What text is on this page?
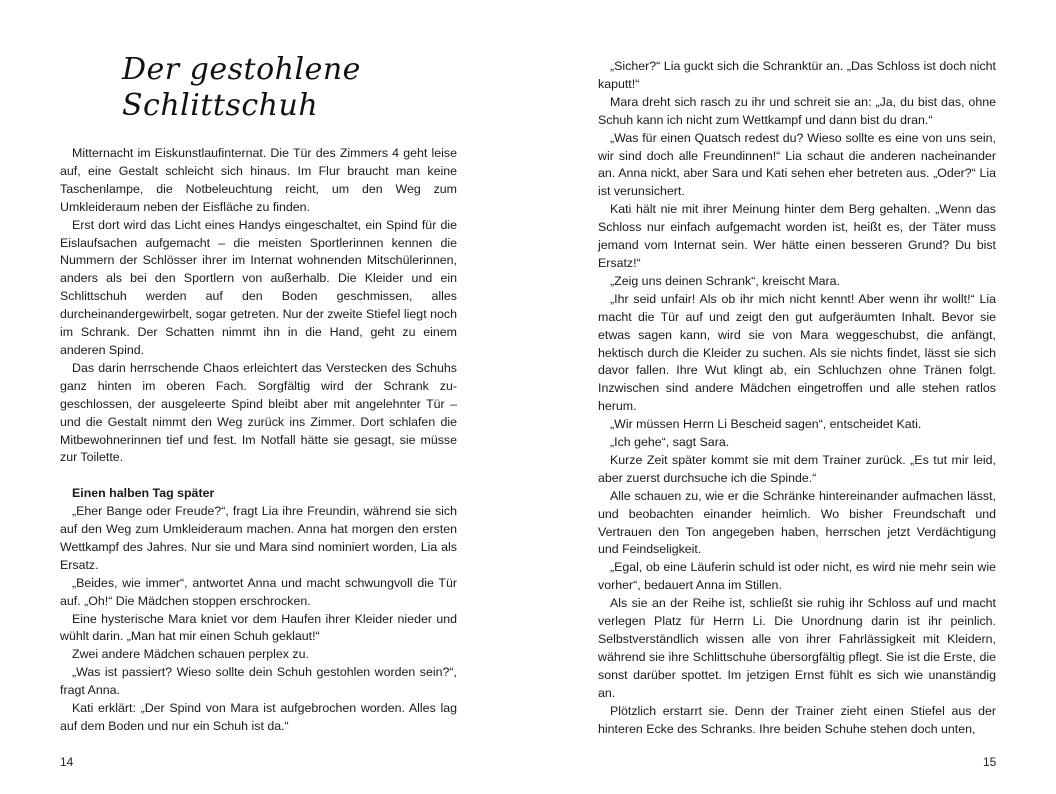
Der gestohlene Schlittschuh

Mitternacht im Eiskunstlaufinternat. Die Tür des Zimmers 4 geht leise auf, eine Gestalt schleicht sich hinaus. Im Flur braucht man keine Taschenlampe, die Notbeleuchtung reicht, um den Weg zum Umkleideraum neben der Eisfläche zu finden.

Erst dort wird das Licht eines Handys eingeschaltet, ein Spind für die Eislaufsachen aufgemacht – die meisten Sportlerinnen kennen die Nummern der Schlösser ihrer im Internat wohnenden Mitschülerinnen, anders als bei den Sportlern von außerhalb. Die Kleider und ein Schlittschuh werden auf den Boden geschmissen, alles durcheinandergewirbelt, sogar getreten. Nur der zweite Stiefel liegt noch im Schrank. Der Schatten nimmt ihn in die Hand, geht zu einem anderen Spind.

Das darin herrschende Chaos erleichtert das Verstecken des Schuhs ganz hinten im oberen Fach. Sorgfältig wird der Schrank zugeschlossen, der ausgeleerte Spind bleibt aber mit angelehnter Tür – und die Gestalt nimmt den Weg zurück ins Zimmer. Dort schlafen die Mitbewohnerinnen tief und fest. Im Notfall hätte sie gesagt, sie müsse zur Toilette.

Einen halben Tag später

„Eher Bange oder Freude?“, fragt Lia ihre Freundin, während sie sich auf den Weg zum Umkleideraum machen. Anna hat morgen den ersten Wettkampf des Jahres. Nur sie und Mara sind nominiert worden, Lia als Ersatz.

„Beides, wie immer“, antwortet Anna und macht schwungvoll die Tür auf. „Oh!“ Die Mädchen stoppen erschrocken.

Eine hysterische Mara kniet vor dem Haufen ihrer Kleider nieder und wühlt darin. „Man hat mir einen Schuh geklaut!“

Zwei andere Mädchen schauen perplex zu.

„Was ist passiert? Wieso sollte dein Schuh gestohlen worden sein?“, fragt Anna.

Kati erklärt: „Der Spind von Mara ist aufgebrochen worden. Alles lag auf dem Boden und nur ein Schuh ist da.“

14

„Sicher?“ Lia guckt sich die Schranktür an. „Das Schloss ist doch nicht kaputt!“

Mara dreht sich rasch zu ihr und schreit sie an: „Ja, du bist das, ohne Schuh kann ich nicht zum Wettkampf und dann bist du dran.“

„Was für einen Quatsch redest du? Wieso sollte es eine von uns sein, wir sind doch alle Freundinnen!“ Lia schaut die anderen nacheinander an. Anna nickt, aber Sara und Kati sehen eher betreten aus. „Oder?“ Lia ist verunsichert.

Kati hält nie mit ihrer Meinung hinter dem Berg gehalten. „Wenn das Schloss nur einfach aufgemacht worden ist, heißt es, der Täter muss jemand vom Internat sein. Wer hätte einen besseren Grund? Du bist Ersatz!“

„Zeig uns deinen Schrank“, kreischt Mara.

„Ihr seid unfair! Als ob ihr mich nicht kennt! Aber wenn ihr wollt!“ Lia macht die Tür auf und zeigt den gut aufgeräumten Inhalt. Bevor sie etwas sagen kann, wird sie von Mara weggeschubst, die anfängt, hektisch durch die Kleider zu suchen. Als sie nichts findet, lässt sie sich davor fallen. Ihre Wut klingt ab, ein Schluchzen ohne Tränen folgt. Inzwischen sind andere Mädchen eingetroffen und alle stehen ratlos herum.

„Wir müssen Herrn Li Bescheid sagen“, entscheidet Kati.

„Ich gehe“, sagt Sara.

Kurze Zeit später kommt sie mit dem Trainer zurück. „Es tut mir leid, aber zuerst durchsuche ich die Spinde.“

Alle schauen zu, wie er die Schränke hintereinander aufmachen lässt, und beobachten einander heimlich. Wo bisher Freundschaft und Vertrauen den Ton angegeben haben, herrschen jetzt Verdächtigung und Feindseligkeit.

„Egal, ob eine Läuferin schuld ist oder nicht, es wird nie mehr sein wie vorher“, bedauert Anna im Stillen.

Als sie an der Reihe ist, schließt sie ruhig ihr Schloss auf und macht verlegen Platz für Herrn Li. Die Unordnung darin ist ihr peinlich. Selbstverständlich wissen alle von ihrer Fahrlässigkeit mit Kleidern, während sie ihre Schlittschuhe übersorgfältig pflegt. Sie ist die Erste, die sonst darüber spottet. Im jetzigen Ernst fühlt es sich wie unanständig an.

Plötzlich erstarrt sie. Denn der Trainer zieht einen Stiefel aus der hinteren Ecke des Schranks. Ihre beiden Schuhe stehen doch unten,

15
